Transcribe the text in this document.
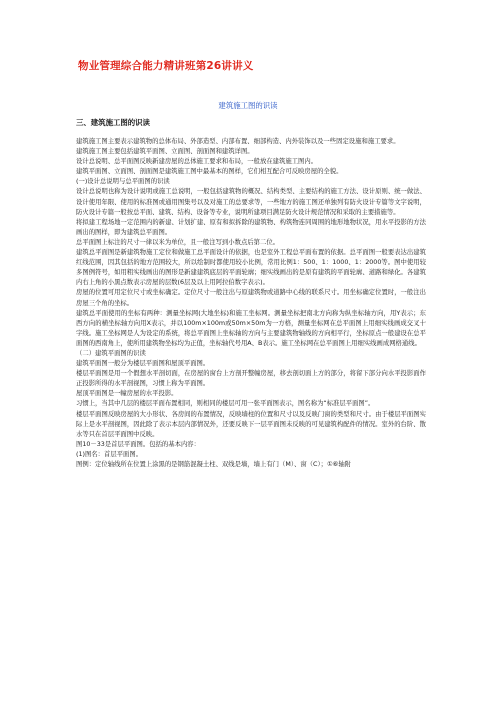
物业管理综合能力精讲班第26讲讲义
建筑施工图的识读
三、建筑施工图的识读

建筑施工图主要表示建筑物的总体布局、外部造型、内部布置、细部构造、内外装饰以及一些固定设施和施工要求。

建筑施工图主要包括建筑平面图、立面图、剖面图和建筑详图。

设计总说明、总平面图反映新建房屋的总体施工要求和布局，一般放在建筑施工图内。

建筑平面图、立面图、剖面图是建筑施工图中最基本的图样，它们相互配合可反映房屋的全貌。

(一)设计总说明与总平面图的识读

设计总说明也称为设计说明或施工总说明，一般包括建筑物的概况、结构类型、主要结构的施工方法、设计原则、统一做法、设计使用年限、使用的标准图或通用图集号以及对施工的总要求等，一些地方的施工图还单独列有防火设计专篇等文字说明，防火设计专篇一般按总平面、建筑、结构、设备等专业，说明所建项目满足防火设计规范情况和采取的主要措施等。

将拟建工程场地一定范围内的新建、计划扩建、原有和拟拆除的建筑物、构筑物连同周围的地形地物状况，用水平投影的方法画出的图样，即为建筑总平面图。

总平面图上标注的尺寸一律以米为单位，且一般注写到小数点后第二位。

建筑总平面图是新建筑物施工定位和做施工总平面设计的依据，也是室外工程总平面布置的依据。总平面图一般要表达出建筑红线范围，因其包括的地方范围较大，所以绘制时都使用较小比例，常用比例1：500、1：1000、1：2000等。图中使用较多图例符号，如用粗实线画出的图形是新建建筑底层的平面轮廓；细实线画出的是原有建筑的平面轮廓、道路和绿化。各建筑内右上角的小黑点数表示房屋的层数(6层及以上用阿拉伯数字表示)。

房屋的位置可用定位尺寸或坐标确定。定位尺寸一般注出与原建筑物或道路中心线的联系尺寸。用坐标确定位置时，一般注出房屋三个角的坐标。

建筑总平面使用的坐标有两种：测量坐标网(大地坐标)和施工坐标网。测量坐标把南北方向称为纵坐标轴方向，用Y表示；东西方向的横坐标轴方向用X表示，并以100m×100m或50m×50m为一方格，测量坐标网在总平面图上用细实线画成交叉十字线。施工坐标网是人为设定的系统，将总平面图上坐标轴的方向与主要建筑物轴线的方向相平行，坐标原点一般建设在总平面图的西南角上，使所用建筑物坐标均为正值，坐标轴代号用A、B表示。施工坐标网在总平面图上用细实线画成网格通线。

（二）建筑平面图的识读

建筑平面图一般分为楼层平面图和屋顶平面图。

楼层平面图是用一个假想水平剖切面，在房屋的窗台上方剖开整幢房屋，移去剖切面上方的部分，将留下部分向水平投影面作正投影所得的水平剖视图，习惯上称为平面图。

屋顶平面图是一幢房屋的水平投影。

习惯上，当其中几层的楼层平面布置相同，则相同的楼层可用一张平面图表示，图名称为“标准层平面图”。

楼层平面图反映房屋的大小形状、各房间的布置情况，反映墙柱的位置和尺寸以及反映门窗的类型和尺寸。由于楼层平面图实际上是水平剖视图，因此除了表示本层内部情况外，还要反映下一层平面图未反映的可见建筑构配件的情况。室外的台阶、散水等只在首层平面图中反映。

图10－33是首层平面图。包括的基本内容：

(1)图名：首层平面图。

图例：定位轴线所在位置上涂黑的是钢筋混凝土柱、双线是墙，墙上有门（M）、窗（C）；①⑥轴附
